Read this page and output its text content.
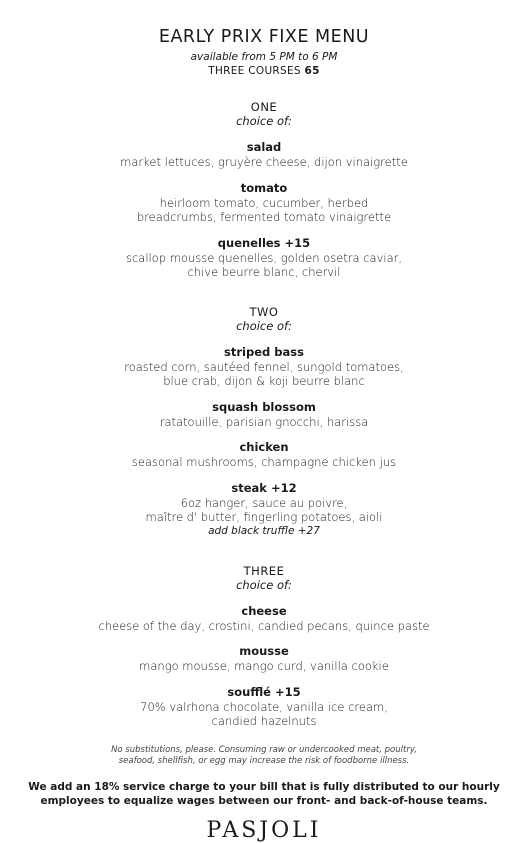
EARLY PRIX FIXE MENU
available from 5 PM to 6 PM
THREE COURSES 65
ONE
choice of:
salad
market lettuces, gruyère cheese, dijon vinaigrette
tomato
heirloom tomato, cucumber, herbed
breadcrumbs, fermented tomato vinaigrette
quenelles +15
scallop mousse quenelles, golden osetra caviar,
chive beurre blanc, chervil
TWO
choice of:
striped bass
roasted corn, sautéed fennel, sungold tomatoes,
blue crab, dijon & koji beurre blanc
squash blossom
ratatouille, parisian gnocchi, harissa
chicken
seasonal mushrooms, champagne chicken jus
steak +12
6oz hanger, sauce au poivre,
maître d' butter, fingerling potatoes, aioli
add black truffle +27
THREE
choice of:
cheese
cheese of the day, crostini, candied pecans, quince paste
mousse
mango mousse, mango curd, vanilla cookie
soufflé +15
70% valrhona chocolate, vanilla ice cream,
candied hazelnuts
No substitutions, please. Consuming raw or undercooked meat, poultry,
seafood, shellfish, or egg may increase the risk of foodborne illness.
We add an 18% service charge to your bill that is fully distributed to our hourly
employees to equalize wages between our front- and back-of-house teams.
PASJOLI
